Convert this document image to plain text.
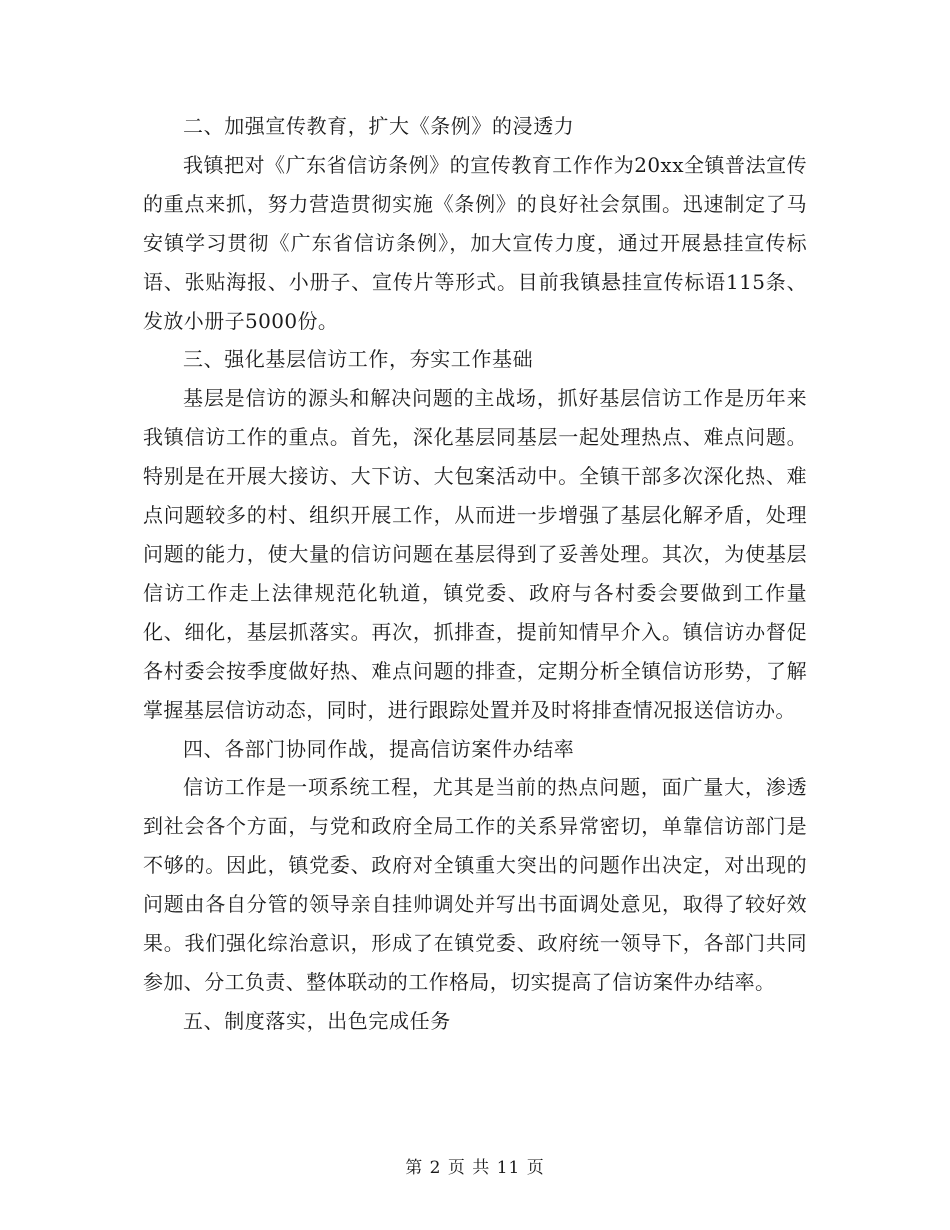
二、加强宣传教育，扩大《条例》的浸透力

我镇把对《广东省信访条例》的宣传教育工作作为20xx全镇普法宣传的重点来抓，努力营造贯彻实施《条例》的良好社会氛围。迅速制定了马安镇学习贯彻《广东省信访条例》，加大宣传力度，通过开展悬挂宣传标语、张贴海报、小册子、宣传片等形式。目前我镇悬挂宣传标语115条、发放小册子5000份。

三、强化基层信访工作，夯实工作基础

基层是信访的源头和解决问题的主战场，抓好基层信访工作是历年来我镇信访工作的重点。首先，深化基层同基层一起处理热点、难点问题。特别是在开展大接访、大下访、大包案活动中。全镇干部多次深化热、难点问题较多的村、组织开展工作，从而进一步增强了基层化解矛盾，处理问题的能力，使大量的信访问题在基层得到了妥善处理。其次，为使基层信访工作走上法律规范化轨道，镇党委、政府与各村委会要做到工作量化、细化，基层抓落实。再次，抓排查，提前知情早介入。镇信访办督促各村委会按季度做好热、难点问题的排查，定期分析全镇信访形势，了解掌握基层信访动态，同时，进行跟踪处置并及时将排查情况报送信访办。

四、各部门协同作战，提高信访案件办结率

信访工作是一项系统工程，尤其是当前的热点问题，面广量大，渗透到社会各个方面，与党和政府全局工作的关系异常密切，单靠信访部门是不够的。因此，镇党委、政府对全镇重大突出的问题作出决定，对出现的问题由各自分管的领导亲自挂帅调处并写出书面调处意见，取得了较好效果。我们强化综治意识，形成了在镇党委、政府统一领导下，各部门共同参加、分工负责、整体联动的工作格局，切实提高了信访案件办结率。

五、制度落实，出色完成任务

第 2 页 共 11 页
